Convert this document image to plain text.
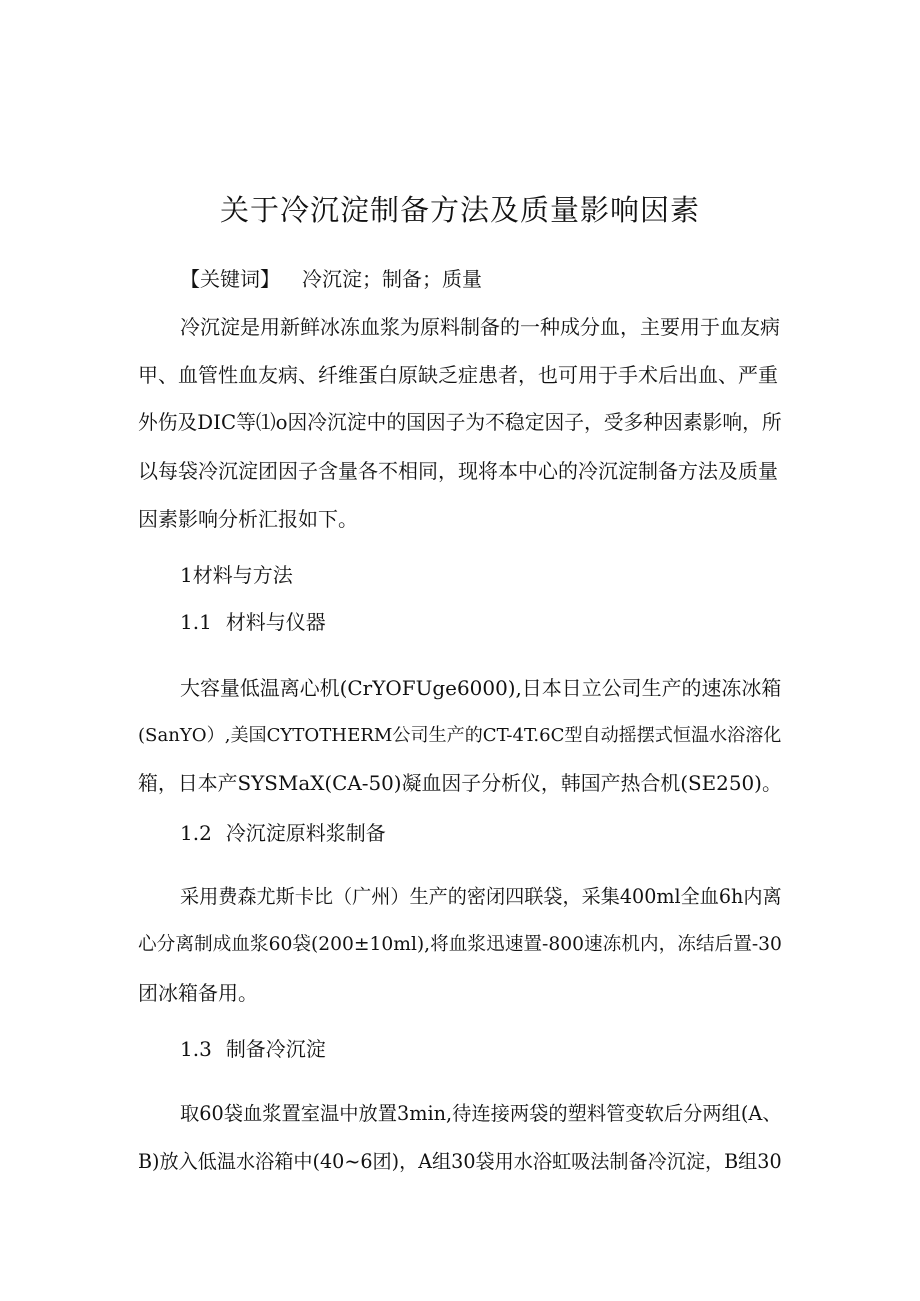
关于冷沉淀制备方法及质量影响因素
【关键词】 冷沉淀；制备；质量
冷沉淀是用新鲜冰冻血浆为原料制备的一种成分血，主要用于血友病
甲、血管性血友病、纤维蛋白原缺乏症患者，也可用于手术后出血、严重
外伤及DIC等⑴o因冷沉淀中的国因子为不稳定因子，受多种因素影响，所
以每袋冷沉淀团因子含量各不相同，现将本中心的冷沉淀制备方法及质量
因素影响分析汇报如下。
1材料与方法
1.1 材料与仪器
大容量低温离心机(CrYOFUge6000),日本日立公司生产的速冻冰箱
(SanYO）,美国CYTOTHERM公司生产的CT-4T.6C型自动摇摆式恒温水浴溶化
箱，日本产SYSMaX(CA-50)凝血因子分析仪，韩国产热合机(SE250)。
1.2 冷沉淀原料浆制备
采用费森尤斯卡比（广州）生产的密闭四联袋，采集400ml全血6h内离
心分离制成血浆60袋(200±10ml),将血浆迅速置-800速冻机内，冻结后置-30
团冰箱备用。
1.3 制备冷沉淀
取60袋血浆置室温中放置3min,待连接两袋的塑料管变软后分两组(A、
B)放入低温水浴箱中(40~6团)，A组30袋用水浴虹吸法制备冷沉淀，B组30
